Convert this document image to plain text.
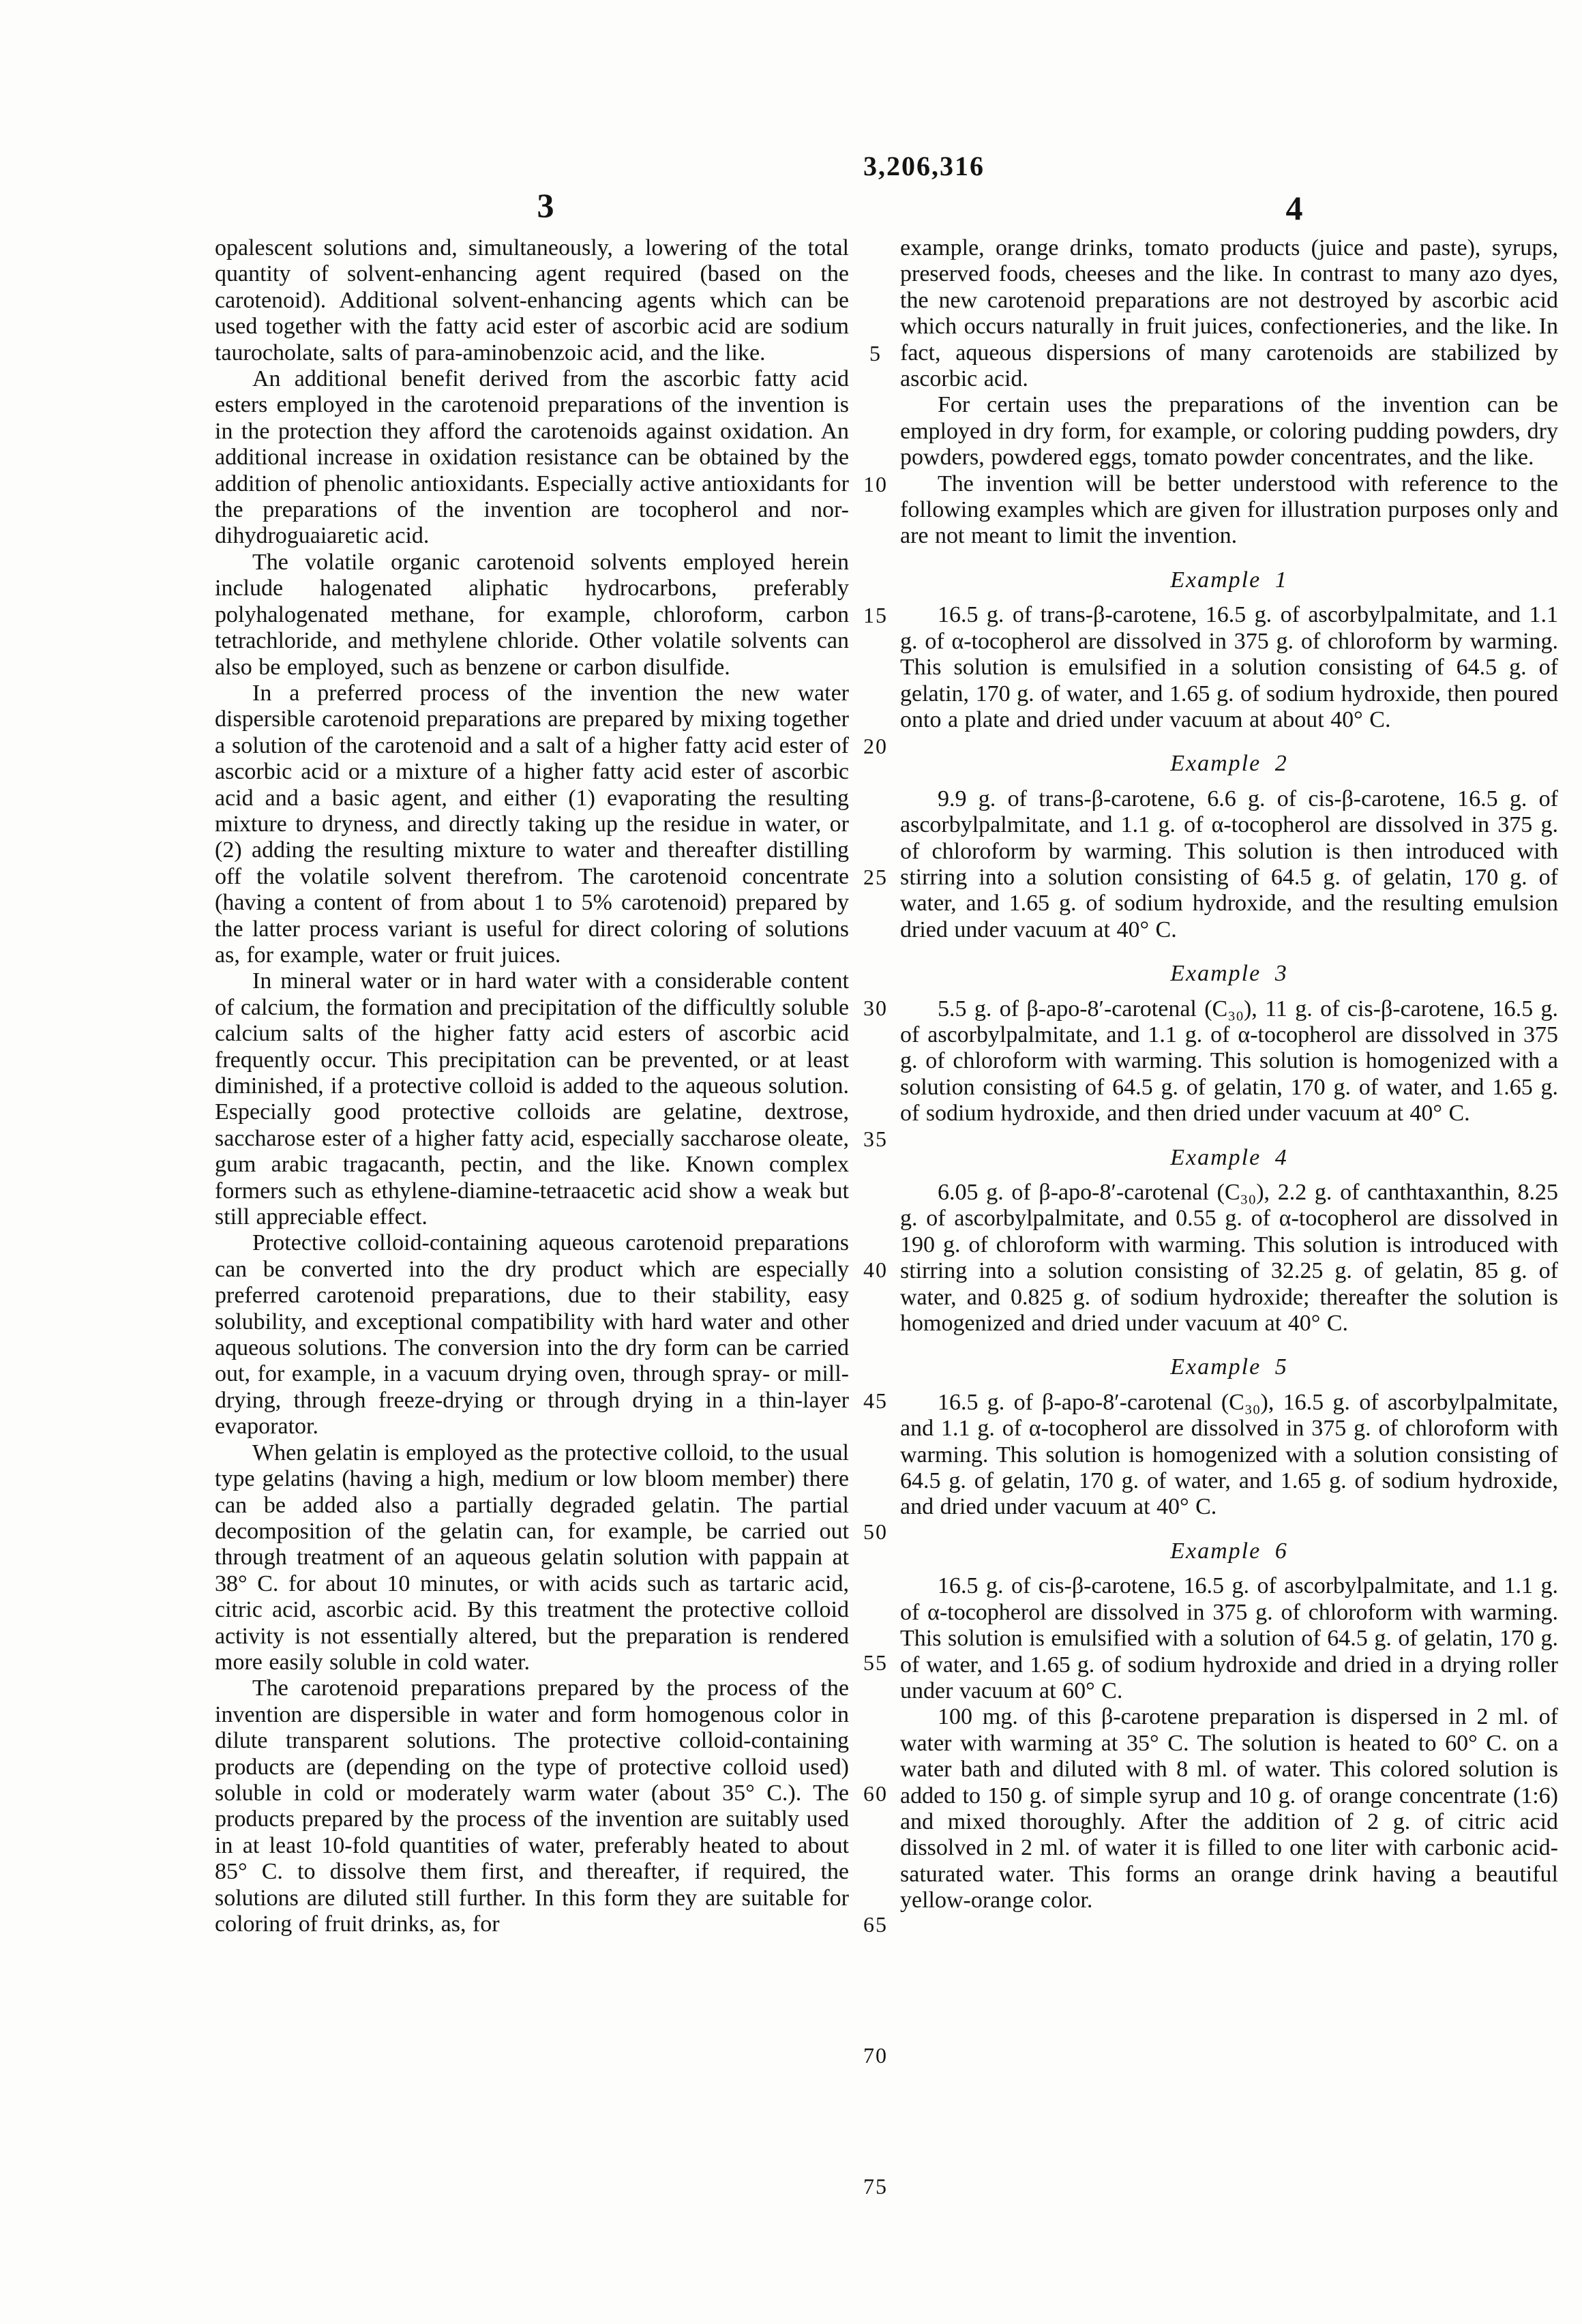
3,206,316
3	4
5
10
15
20
25
30
35
40
45
50
55
60
65
70
75

opalescent solutions and, simultaneously, a lowering of the total quantity of solvent-enhancing agent required (based on the carotenoid). Additional solvent-enhancing agents which can be used together with the fatty acid ester of ascorbic acid are sodium taurocholate, salts of para-aminobenzoic acid, and the like.

An additional benefit derived from the ascorbic fatty acid esters employed in the carotenoid preparations of the invention is in the protection they afford the carotenoids against oxidation. An additional increase in oxidation resistance can be obtained by the addition of phenolic antioxidants. Especially active antioxidants for the preparations of the invention are tocopherol and nor-dihydroguaiaretic acid.

The volatile organic carotenoid solvents employed herein include halogenated aliphatic hydrocarbons, preferably polyhalogenated methane, for example, chloroform, carbon tetrachloride, and methylene chloride. Other volatile solvents can also be employed, such as benzene or carbon disulfide.

In a preferred process of the invention the new water dispersible carotenoid preparations are prepared by mixing together a solution of the carotenoid and a salt of a higher fatty acid ester of ascorbic acid or a mixture of a higher fatty acid ester of ascorbic acid and a basic agent, and either (1) evaporating the resulting mixture to dryness, and directly taking up the residue in water, or (2) adding the resulting mixture to water and thereafter distilling off the volatile solvent therefrom. The carotenoid concentrate (having a content of from about 1 to 5% carotenoid) prepared by the latter process variant is useful for direct coloring of solutions as, for example, water or fruit juices.

In mineral water or in hard water with a considerable content of calcium, the formation and precipitation of the difficultly soluble calcium salts of the higher fatty acid esters of ascorbic acid frequently occur. This precipitation can be prevented, or at least diminished, if a protective colloid is added to the aqueous solution. Especially good protective colloids are gelatine, dextrose, saccharose ester of a higher fatty acid, especially saccharose oleate, gum arabic tragacanth, pectin, and the like. Known complex formers such as ethylene-diamine-tetraacetic acid show a weak but still appreciable effect.

Protective colloid-containing aqueous carotenoid preparations can be converted into the dry product which are especially preferred carotenoid preparations, due to their stability, easy solubility, and exceptional compatibility with hard water and other aqueous solutions. The conversion into the dry form can be carried out, for example, in a vacuum drying oven, through spray- or mill-drying, through freeze-drying or through drying in a thin-layer evaporator.

When gelatin is employed as the protective colloid, to the usual type gelatins (having a high, medium or low bloom member) there can be added also a partially degraded gelatin. The partial decomposition of the gelatin can, for example, be carried out through treatment of an aqueous gelatin solution with pappain at 38° C. for about 10 minutes, or with acids such as tartaric acid, citric acid, ascorbic acid. By this treatment the protective colloid activity is not essentially altered, but the preparation is rendered more easily soluble in cold water.

The carotenoid preparations prepared by the process of the invention are dispersible in water and form homogenous color in dilute transparent solutions. The protective colloid-containing products are (depending on the type of protective colloid used) soluble in cold or moderately warm water (about 35° C.). The products prepared by the process of the invention are suitably used in at least 10-fold quantities of water, preferably heated to about 85° C. to dissolve them first, and thereafter, if required, the solutions are diluted still further. In this form they are suitable for coloring of fruit drinks, as, for

example, orange drinks, tomato products (juice and paste), syrups, preserved foods, cheeses and the like. In contrast to many azo dyes, the new carotenoid preparations are not destroyed by ascorbic acid which occurs naturally in fruit juices, confectioneries, and the like. In fact, aqueous dispersions of many carotenoids are stabilized by ascorbic acid.

For certain uses the preparations of the invention can be employed in dry form, for example, or coloring pudding powders, dry powders, powdered eggs, tomato powder concentrates, and the like.

The invention will be better understood with reference to the following examples which are given for illustration purposes only and are not meant to limit the invention.

Example 1

16.5 g. of trans-β-carotene, 16.5 g. of ascorbylpalmitate, and 1.1 g. of α-tocopherol are dissolved in 375 g. of chloroform by warming. This solution is emulsified in a solution consisting of 64.5 g. of gelatin, 170 g. of water, and 1.65 g. of sodium hydroxide, then poured onto a plate and dried under vacuum at about 40° C.

Example 2

9.9 g. of trans-β-carotene, 6.6 g. of cis-β-carotene, 16.5 g. of ascorbylpalmitate, and 1.1 g. of α-tocopherol are dissolved in 375 g. of chloroform by warming. This solution is then introduced with stirring into a solution consisting of 64.5 g. of gelatin, 170 g. of water, and 1.65 g. of sodium hydroxide, and the resulting emulsion dried under vacuum at 40° C.

Example 3

5.5 g. of β-apo-8′-carotenal (C₃₀), 11 g. of cis-β-carotene, 16.5 g. of ascorbylpalmitate, and 1.1 g. of α-tocopherol are dissolved in 375 g. of chloroform with warming. This solution is homogenized with a solution consisting of 64.5 g. of gelatin, 170 g. of water, and 1.65 g. of sodium hydroxide, and then dried under vacuum at 40° C.

Example 4

6.05 g. of β-apo-8′-carotenal (C₃₀), 2.2 g. of canthtaxanthin, 8.25 g. of ascorbylpalmitate, and 0.55 g. of α-tocopherol are dissolved in 190 g. of chloroform with warming. This solution is introduced with stirring into a solution consisting of 32.25 g. of gelatin, 85 g. of water, and 0.825 g. of sodium hydroxide; thereafter the solution is homogenized and dried under vacuum at 40° C.

Example 5

16.5 g. of β-apo-8′-carotenal (C₃₀), 16.5 g. of ascorbylpalmitate, and 1.1 g. of α-tocopherol are dissolved in 375 g. of chloroform with warming. This solution is homogenized with a solution consisting of 64.5 g. of gelatin, 170 g. of water, and 1.65 g. of sodium hydroxide, and dried under vacuum at 40° C.

Example 6

16.5 g. of cis-β-carotene, 16.5 g. of ascorbylpalmitate, and 1.1 g. of α-tocopherol are dissolved in 375 g. of chloroform with warming. This solution is emulsified with a solution of 64.5 g. of gelatin, 170 g. of water, and 1.65 g. of sodium hydroxide and dried in a drying roller under vacuum at 60° C.

100 mg. of this β-carotene preparation is dispersed in 2 ml. of water with warming at 35° C. The solution is heated to 60° C. on a water bath and diluted with 8 ml. of water. This colored solution is added to 150 g. of simple syrup and 10 g. of orange concentrate (1:6) and mixed thoroughly. After the addition of 2 g. of citric acid dissolved in 2 ml. of water it is filled to one liter with carbonic acid-saturated water. This forms an orange drink having a beautiful yellow-orange color.
